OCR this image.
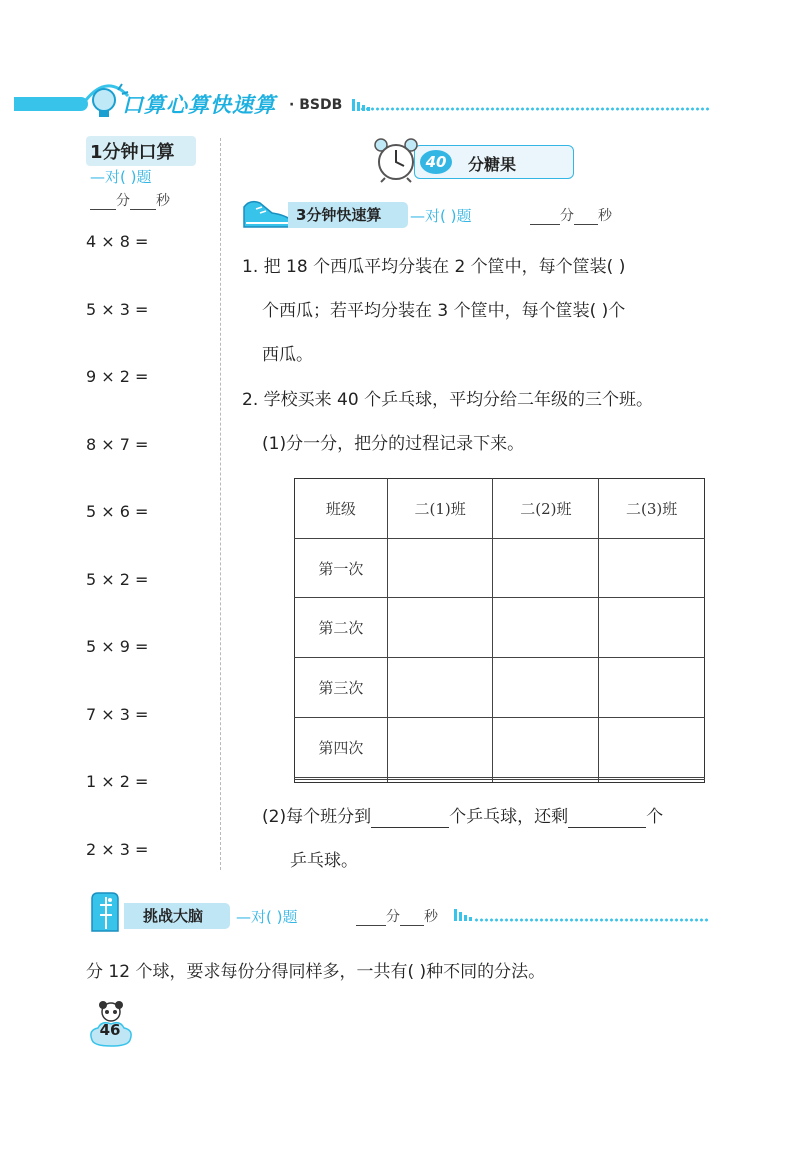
口算心算快速算 · BSDB
1分钟口算
—对( )题
分 秒
4 × 8 =
5 × 3 =
9 × 2 =
8 × 7 =
5 × 6 =
5 × 2 =
5 × 9 =
7 × 3 =
1 × 2 =
2 × 3 =
40	分糖果
3分钟快速算 —对( )题	分 秒
1. 把 18 个西瓜平均分装在 2 个筐中，每个筐装( )
个西瓜；若平均分装在 3 个筐中，每个筐装( )个
西瓜。
2. 学校买来 40 个乒乓球，平均分给二年级的三个班。
(1)分一分，把分的过程记录下来。
班级	二(1)班	二(2)班	二(3)班
第一次			
第二次			
第三次			
第四次			

(2)每个班分到	个乒乓球，还剩	个
乒乓球。
挑战大脑 —对( )题	分 秒
分 12 个球，要求每份分得同样多，一共有( )种不同的分法。
46
